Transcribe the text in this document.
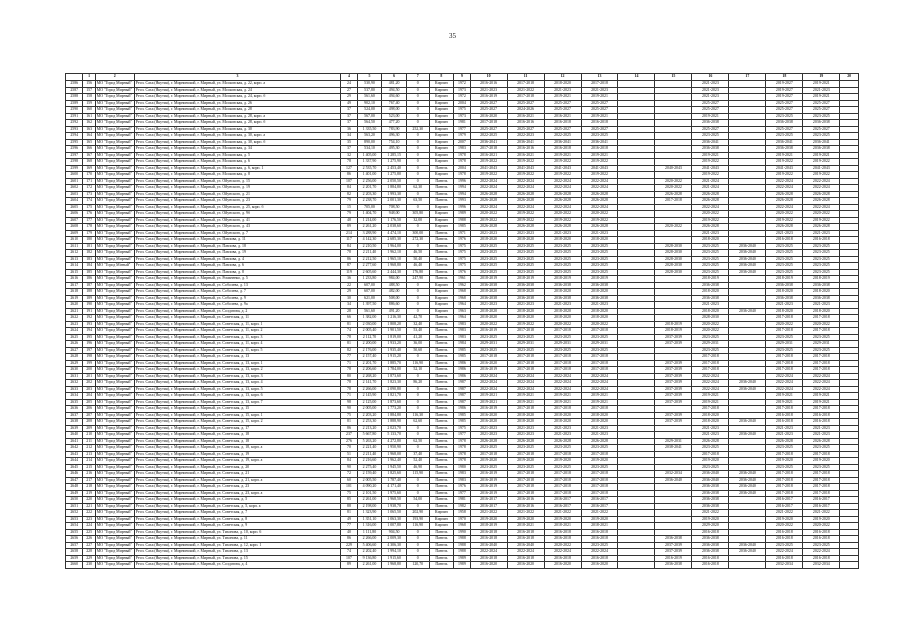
35
	1	2	3	4	5	6	7	8	9	10	11	12	13	14	15	16	17	18	19	20
2586	156	МО "Город Мирный"	Респ. Саха (Якутия), г. Мирнинский, г. Мирный, ул. Московская, д. 22, корп. а	24	530,90	481,20	0	Кирпич	1972	2016-2016	2017-2018	2018-2020	2017-2018			2021-2023		2019-2027	2019-2021	
2587	157	МО "Город Мирный"	Респ. Саха (Якутия), г. Мирнинский, г. Мирный, ул. Московская, д. 24	27	537,80	494,50	0	Кирпич	1973	2021-2023	2021-2022	2021-2023	2021-2023			2021-2023		2019-2027	2021-2023	
2588	158	МО "Город Мирный"	Респ. Саха (Якутия), г. Мирнинский, г. Мирный, ул. Московская, д. 24, корп. б	29	561,60	494,60	0	Кирпич	1972	2016-2019	2017-2018	2019-2021	2019-2021			2021-2023		2019-2027	2019-2021	
2589	159	МО "Город Мирный"	Респ. Саха (Якутия), г. Мирнинский, г. Мирный, ул. Московская, д. 26	49	902,10	767,40	0	Кирпич	2004	2025-2027	2025-2027	2025-2027	2025-2027			2025-2027		2025-2027	2025-2027	
2590	160	МО "Город Мирный"	Респ. Саха (Якутия), г. Мирнинский, г. Мирный, ул. Московская, д. 28	37	524,00	498,00	0	Кирпич	1975	2025-2027	2024-2026	2025-2027	2025-2027			2025-2027		2025-2027	2025-2027	
2591	161	МО "Город Мирный"	Респ. Саха (Якутия), г. Мирнинский, г. Мирный, ул. Московская, д. 28, корп. а	37	567,00	523,00	0	Кирпич	1973	2016-2020	2016-2021	2016-2021	2019-2021			2019-2021		2023-2025	2023-2025	
2592	162	МО "Город Мирный"	Респ. Саха (Якутия), г. Мирнинский, г. Мирный, ул. Московская, д. 28, корп. б	37	564,50	477,20	0	Кирпич	1981	2017-2018	2016-2016	2016-2018	2016-2018			2036-2038		2036-2038	2036-2038	
2593	163	МО "Город Мирный"	Респ. Саха (Якутия), г. Мирнинский, г. Мирный, ул. Московская, д. 30	36	1 335,50	783,90	252,30	Кирпич	1977	2025-2027	2025-2027	2025-2027	2025-2027			2025-2027		2025-2027	2025-2027	
2594	164	МО "Город Мирный"	Респ. Саха (Якутия), г. Мирнинский, г. Мирный, ул. Московская, д. 30, корп. а	34	563,20	496,30	0	Кирпич	1979	2022-2025	2022-2023	2022-2025	2023-2025			2023-2025		2023-2025	2023-2025	
2595	165	МО "Город Мирный"	Респ. Саха (Якутия), г. Мирнинский, г. Мирный, ул. Московская, д. 30, корп. б	35	890,00	754,10	0	Кирпич	2007	2036-2041	2036-2041	2036-2041	2036-2041			2036-2041		2036-2041	2036-2041	
2596	166	МО "Город Мирный"	Респ. Саха (Якутия), г. Мирнинский, г. Мирный, ул. Московская, д. 34	37	534,10	495,30	0	Кирпич	1983	2017-2018	2016-2016	2016-2018	2016-2018			2036-2038		2036-2038	2036-2038	
2597	167	МО "Город Мирный"	Респ. Саха (Якутия), г. Мирнинский, г. Мирный, ул. Московская, д. 5	32	1 405,00	1 285,15	0	Кирпич	1978	2016-2021	2016-2021	2019-2021	2019-2021			2019-2021		2019-2021	2019-2021	
2598	168	МО "Город Мирный"	Респ. Саха (Якутия), г. Мирнинский, г. Мирный, ул. Московская, д. 6	78	1 337,90	1 275,90	0	Кирпич	1978	2019-2022	2019-2022	2019-2022	2019-2022			2019-2022		2019-2022	2019-2022	
2599	169	МО "Город Мирный"	Респ. Саха (Якутия), г. Мирнинский, г. Мирный, ул. Московская, д. 6, корп. 1	127	2 535,70	2 453,40	0	Панель	2004	2041-2043	2041-2043	2041-2043	2041-2043		2040-2043	2041-2043		2041-2043	2041-2043	
2600	170	МО "Город Мирный"	Респ. Саха (Якутия), г. Мирнинский, г. Мирный, ул. Московская, д. 8	86	1 401,00	1 275,80	0	Кирпич	1978	2019-2022	2019-2022	2019-2022	2019-2022			2019-2022		2019-2022	2019-2022	
2601	171	МО "Город Мирный"	Респ. Саха (Якутия), г. Мирнинский, г. Мирный, ул. Ойунского, д. 15	107	2 256,00	2 050,50	0	Панель	1996	2022-2024	2022-2024	2022-2024	2022-2024		2020-2022	2021-2024		2022-2024	2022-2024	
2602	172	МО "Город Мирный"	Респ. Саха (Якутия), г. Мирнинский, г. Мирный, ул. Ойунского, д. 19	84	2 201,70	1 884,80	62,30	Панель	1994	2022-2024	2022-2024	2022-2024	2022-2024		2020-2022	2021-2024		2022-2024	2022-2024	
2603	173	МО "Город Мирный"	Респ. Саха (Якутия), г. Мирнинский, г. Мирный, ул. Ойунского, д. 21	82	2 203,30	1 993,30	0	Панель	1994	2026-2028	2026-2028	2026-2028	2026-2028		2026-2028	2026-2028		2026-2028	2026-2028	
2604	174	МО "Город Мирный"	Респ. Саха (Якутия), г. Мирнинский, г. Мирный, ул. Ойунского, д. 23	79	2 238,70	2 001,30	63,50	Панель	1993	2026-2028	2026-2028	2026-2028	2026-2028		2017-2018	2026-2028		2026-2028	2026-2028	
2605	175	МО "Город Мирный"	Респ. Саха (Якутия), г. Мирнинский, г. Мирный, ул. Ойунского, д. 25, корп. б	15	705,00	708,50	0	Кирпич	1996	2022-2024	2022-2024	2022-2024	2022-2024			2022-2024		2022-2024	2022-2024	
2606	176	МО "Город Мирный"	Респ. Саха (Якутия), г. Мирнинский, г. Мирный, ул. Ойунского, д. 9б	79	1 404,70	948,00	305,80	Кирпич	1989	2020-2022	2019-2022	2020-2022	2020-2022			2020-2022		2020-2022	2020-2022	
2607	177	МО "Город Мирный"	Респ. Саха (Якутия), г. Мирнинский, г. Мирный, ул. Ойунского, д. 41	48	1 214,00	1 176,50	32,00	Кирпич	1988	2019-2022	2019-2022	2019-2022	2019-2022			2019-2022		2019-2022	2019-2022	
2608	178	МО "Город Мирный"	Респ. Саха (Якутия), г. Мирнинский, г. Мирный, ул. Ойунского, д. 43	89	2 261,20	2 038,60	0	Кирпич	1985	2026-2028	2026-2028	2026-2028	2026-2028		2020-2022	2026-2028		2026-2028	2026-2028	
2609	179	МО "Город Мирный"	Респ. Саха (Якутия), г. Мирнинский, г. Мирный, ул. Ойунского, д. 7	214	3 288,90	4 474,10	300,00	Панель	1971	2021-2023	2021-2023	2021-2023	2021-2023			2021-2023		2021-2023	2021-2023	
2610	180	МО "Город Мирный"	Респ. Саха (Якутия), г. Мирнинский, г. Мирный, ул. Павлова, д. 11	117	4 142,30	2 685,30	272,30	Панель	1976	2018-2020	2018-2020	2018-2020	2018-2020			2018-2020		2016-2018	2016-2018	
2611	181	МО "Город Мирный"	Респ. Саха (Якутия), г. Мирнинский, г. Мирный, ул. Павлова, д. 18	84	2 210,50	1 964,00	0	Панель	1975	2023-2025	2023-2025	2023-2025	2023-2025		2028-2030	2023-2025	2036-2040	2023-2025	2023-2025	
2612	182	МО "Город Мирный"	Респ. Саха (Якутия), г. Мирнинский, г. Мирный, ул. Павлова, д. 19	78	2 211,40	1 962,10	46,50	Панель	1975	2023-2025	2023-2025	2023-2025	2023-2025		2028-2030	2023-2025	2036-2040	2023-2025	2023-2025	
2613	183	МО "Город Мирный"	Респ. Саха (Якутия), г. Мирнинский, г. Мирный, ул. Павлова, д. 4	86	2 212,50	1 965,10	50,40	Панель	1975	2023-2025	2023-2025	2023-2025	2023-2025		2028-2030	2023-2025	2036-2040	2023-2025	2023-2025	
2614	184	МО "Город Мirный"	Респ. Саха (Якутия), г. Мирнинский, г. Мирный, ул. Павлова, д. 6	87	2 277,60	1 968,80	46,40	Панель	1975	2023-2025	2023-2025	2023-2025	2023-2025		2028-2030	2023-2025	2036-2040	2023-2025	2023-2025	
2615	185	МО "Город Мирный"	Респ. Саха (Якутия), г. Мирнинский, г. Мирный, ул. Павлова, д. 8	119	2 605,60	2 444,30	176,80	Панель	1976	2023-2025	2023-2025	2023-2025	2023-2025		2028-2030	2023-2025	2036-2040	2023-2025	2023-2025	
2616	186	МО "Город Мирный"	Респ. Саха (Якутия), г. Мирнинский, г. Мирный, ул. Романенко, д. 5	36	1 233,80	984,00	247,90	Панель	1961	2018-2019	2018-2019	2018-2019	2018-2019			2018-2019		2018-2019	2018-2019	
2617	187	МО "Город Мирный"	Респ. Саха (Якутия), г. Мирнинский, г. Мирный, ул. Соболева, д. 13	22	607,00	488,50	0	Кирпич	1962	2036-2038	2036-2038	2036-2038	2036-2038			2036-2038		2036-2038	2036-2038	
2618	188	МО "Город Мирный"	Респ. Саха (Якутия), г. Мирнинский, г. Мирный, ул. Соболева, д. 7	29	607,00	482,00	0	Кирпич	1968	2018-2020	2018-2020	2018-2020	2018-2020			2018-2020		2018-2020	2018-2020	
2619	189	МО "Город Мирный"	Респ. Саха (Якутия), г. Мирнинский, г. Мирный, ул. Соболева, д. 9	30	621,00	508,00	0	Кирпич	1968	2036-2038	2036-2038	2036-2038	2036-2038			2036-2038		2036-2038	2036-2038	
2620	190	МО "Город Мирный"	Респ. Саха (Якутия), г. Мирнинский, г. Мирный, ул. Соболева, д. 9а	34	1 397,50	886,60	0	Кирпич	1964	2021-2023	2021-2023	2021-2023	2021-2023			2021-2023		2021-2023	2021-2023	
2621	191	МО "Город Мирный"	Респ. Саха (Якутия), г. Мирнинский, г. Мирный, ул. Солдатова, д. 2	28	561,60	491,20	0	Кирпич	1963	2018-2020	2018-2020	2018-2020	2018-2020			2018-2020	2036-2040	2018-2020	2018-2020	
2622	192	МО "Город Мирный"	Респ. Саха (Якутия), г. Мирнинский, г. Мирный, ул. Советская, д. 11	66	1 382,00	1 216,30	42,70	Панель	1964	2018-2020	2018-2020	2018-2020	2018-2020			2028-2030		2017-2018	2017-2018	
2623	193	МО "Город Мирный"	Респ. Саха (Якутия), г. Мирнинский, г. Мирный, ул. Советская, д. 11, корп. 1	81	2 030,00	1 808,20	32,40	Панель	1983	2020-2022	2019-2022	2020-2022	2020-2022		2018-2019	2020-2022		2020-2022	2020-2022	
2624	194	МО "Город Мирный"	Респ. Саха (Якутия), г. Мирнинский, г. Мирный, ул. Советская, д. 11, корп. 2	74	2 005,40	1 901,50	53,40	Панель	1983	2016-2019	2017-2018	2017-2018	2017-2018		2018-2019	2020-2022		2017-2018	2017-2018	
2625	195	МО "Город Мирный"	Респ. Саха (Якутия), г. Мирнинский, г. Мирный, ул. Советская, д. 11, корп. 3	78	2 112,70	1 819,00	41,20	Панель	1983	2023-2025	2023-2025	2023-2025	2023-2025		2037-2039	2023-2025		2023-2025	2023-2025	
2626	196	МО "Город Мирный"	Респ. Саха (Якутия), г. Мирнинский, г. Мирный, ул. Советская, д. 11, корп. 4	81	2 200,00	1 933,20	36,00	Панель	1984	2029-2031	2029-2031	2029-2031	2029-2031		2037-2039	2029-2031		2029-2031	2029-2031	
2627	197	МО "Город Мирный"	Респ. Саха (Якутия), г. Мирнинский, г. Мирный, ул. Советская, д. 11, корп. 5	82	2 176,00	1 935,40	50,60	Панель	1985	2023-2025	2023-2025	2023-2025	2023-2025			2023-2025		2023-2025	2023-2025	
2628	198	МО "Город Мирный"	Респ. Саха (Якутия), г. Мирнинский, г. Мирный, ул. Советская, д. 13	77	2 157,40	1 915,20	0	Панель	1985	2017-2018	2017-2018	2017-2018	2017-2018			2017-2018		2017-2018	2017-2018	
2629	199	МО "Город Мирный"	Респ. Саха (Якутия), г. Мирнинский, г. Мирный, ул. Советская, д. 13, корп. 1	71	2 201,70	1 885,70	116,90	Панель	1986	2016-2020	2017-2018	2017-2018	2017-2018		2037-2039	2017-2018		2017-2018	2017-2018	
2630	200	МО "Город Мирный"	Респ. Саха (Якутия), г. Мирнинский, г. Мирный, ул. Советская, д. 13, корп. 2	78	2 206,60	1 784,00	52,10	Панель	1986	2016-2019	2017-2018	2017-2018	2017-2018		2037-2039	2017-2018		2017-2018	2017-2018	
2631	201	МО "Город Мирный"	Респ. Саха (Якутия), г. Мирнинский, г. Мирный, ул. Советская, д. 13, корп. 3	80	2 268,20	1 873,60	0	Панель	1986	2022-2024	2022-2024	2022-2024	2022-2024		2037-2039	2022-2024		2022-2024	2022-2024	
2632	202	МО "Город Мирный"	Респ. Саха (Якутия), г. Мирнинский, г. Мирный, ул. Советская, д. 13, корп. 4	78	2 141,70	1 823,30	86,20	Панель	1987	2022-2024	2022-2024	2022-2024	2022-2024		2037-2039	2022-2024	2036-2040	2022-2024	2022-2024	
2633	203	МО "Город Мирный"	Респ. Саха (Якутия), г. Мирнинский, г. Мирный, ул. Советская, д. 13, корп. 5	78	2 266,00	2 090,80	0	Панель	1987	2022-2024	2022-2024	2022-2024	2022-2024		2037-2039	2022-2024	2036-2040	2022-2024	2022-2024	
2634	204	МО "Город Мирный"	Респ. Саха (Якутия), г. Мирнинский, г. Мирный, ул. Советская, д. 13, корп. 6	71	2 145,90	1 821,70	0	Панель	1987	2019-2021	2019-2021	2019-2021	2019-2021		2037-2039	2019-2021		2019-2021	2019-2021	
2635	205	МО "Город Мирный"	Респ. Саха (Якутия), г. Мирнинский, г. Мирный, ул. Советская, д. 13, корп. 7	98	2 125,00	1 873,60	0	Панель	1987	2019-2021	2019-2021	2019-2021	2019-2021		2037-2039	2019-2021		2019-2021	2019-2021	
2636	206	МО "Город Мирный"	Респ. Саха (Якутия), г. Мирнинский, г. Мирный, ул. Советская, д. 15	90	2 005,00	1 773,20	0	Панель	1986	2016-2019	2017-2018	2017-2018	2017-2018			2017-2018		2017-2018	2017-2018	
2637	207	МО "Город Мирный"	Респ. Саха (Якутия), г. Мирнинский, г. Мирный, ул. Советская, д. 15, корп. 1	75	2 203,20	1 884,80	116,30	Панель	1985	2016-2020	2018-2020	2018-2020	2018-2020		2037-2039	2018-2020		2016-2018	2016-2018	
2638	208	МО "Город Мирный"	Респ. Саха (Якутия), г. Мирнинский, г. Мирный, ул. Советская, д. 15, корп. 2	81	2 253,30	1 888,90	62,60	Панель	1985	2016-2020	2018-2020	2018-2020	2018-2020		2037-2039	2018-2020	2036-2040	2016-2018	2016-2018	
2639	209	МО "Город Мирный"	Респ. Саха (Якутия), г. Мирнинский, г. Мирный, ул. Советская, д. 17	86	2 213,20	2 023,70	0	Панель	1975	2021-2023	2021-2023	2021-2023	2021-2023			2021-2023		2021-2023	2021-2023	
2640	210	МО "Город Мирный"	Респ. Саха (Якутия), г. Мирнинский, г. Мирный, ул. Советская, д. 18	237	5 667,80	5 133,70	0	Панель	1977	2021-2023	2021-2023	2021-2023	2021-2023			2021-2023	2036-2040	2021-2023	2021-2023	
2641	211	МО "Город Мирный"	Респ. Саха (Якутия), г. Мирнинский, г. Мирный, ул. Советская, д. 18	276	5 263,20	4 272,80	62,50	Панель	1978	2026-2028	2026-2028	2026-2028	2026-2028		2029-2031	2026-2028		2026-2028	2026-2028	
2642	212	МО "Город Мирный"	Респ. Саха (Якутия), г. Мирнинский, г. Мирный, ул. Советская, д. 18, корп. а	70	2 221,40	1 950,90	0	Панель	1978	2023-2025	2023-2025	2023-2025	2023-2025		2038-2041	2023-2025		2023-2025	2023-2025	
2643	213	МО "Город Мирный"	Респ. Саха (Якутия), г. Мирнинский, г. Мирный, ул. Советская, д. 19	51	2 211,40	1 968,00	37,40	Панель	1978	2017-2018	2017-2018	2017-2018	2017-2018			2017-2018		2017-2018	2017-2018	
2644	214	МО "Город Мирный"	Респ. Саха (Якутия), г. Мирнинский, г. Мирный, ул. Советская, д. 19, корп. а	84	2 216,60	1 962,40	52,40	Панель	1978	2019-2020	2019-2020	2019-2020	2019-2020			2019-2020		2019-2020	2019-2020	
2645	215	МО "Город Мирный"	Респ. Саха (Якутия), г. Мирнинский, г. Мирный, ул. Советская, д. 20	90	2 275,40	1 945,50	46,90	Панель	1980	2023-2025	2023-2025	2023-2025	2023-2025			2023-2025		2023-2025	2023-2025	
2646	216	МО "Город Мирный"	Респ. Саха (Якутия), г. Мирнинский, г. Мирный, ул. Советская, д. 21	72	2 159,40	1 825,60	115,90	Панель	1983	2016-2019	2017-2018	2017-2018	2017-2018		2032-2034	2036-2040	2036-2040	2017-2018	2017-2018	
2647	217	МО "Город Мирный"	Респ. Саха (Якутия), г. Мирнинский, г. Мирный, ул. Советская, д. 21, корп. а	60	2 005,50	1 787,40	0	Панель	1983	2016-2019	2017-2018	2017-2018	2017-2018		2036-2040	2036-2040	2036-2040	2017-2018	2017-2018	
2648	218	МО "Город Мирный"	Респ. Саха (Якутия), г. Мирнинский, г. Мирный, ул. Советская, д. 23	101	4 090,20	4 171,40	0	Панель	1976	2016-2019	2017-2018	2017-2018	2017-2018			2036-2038	2036-2040	2017-2018	2017-2018	
2649	219	МО "Город Мирный"	Респ. Саха (Якутия), г. Мирнинский, г. Мирный, ул. Советская, д. 23, корп. а	75	2 101,50	1 975,60	0	Панель	1977	2016-2019	2017-2018	2017-2018	2017-2018			2036-2038	2036-2040	2017-2018	2017-2018	
2650	220	МО "Город Мирный"	Респ. Саха (Якутия), г. Мирнинский, г. Мирный, ул. Советская, д. 5	85	2 261,00	1 968,50	54,00	Панель	1981	2016-2017	2016-2016	2016-2017	2016-2017			2036-2038		2016-2017	2016-2017	
2651	221	МО "Город Мирный"	Респ. Саха (Якутия), г. Мирнинский, г. Мирный, ул. Советская, д. 5, корп. а	88	2 198,00	1 938,70	0	Панель	1982	2016-2017	2016-2016	2016-2017	2016-2017			2036-2038		2016-2017	2016-2017	
2652	222	МО "Город Мирный"	Респ. Саха (Якутия), г. Мирнинский, г. Мирный, ул. Советская, д. 7	81	1 323,90	1 065,50	202,90	Кирпич	1958	2021-2022	2021-2022	2021-2022	2021-2022			2021-2022		2021-2022	2021-2022	
2653	223	МО "Город Мирный"	Респ. Саха (Якутия), г. Мирнинский, г. Мирный, ул. Советская, д. 8	49	1 351,10	1 063,30	193,90	Кирпич	1970	2019-2020	2019-2020	2019-2020	2019-2020			2019-2020		2019-2020	2019-2020	
2654	224	МО "Город Мирный"	Респ. Саха (Якутия), г. Мирнинский, г. Мирный, ул. Советская, д. 9	77	1 316,00	1 007,80	116,90	Кирпич	1968	2018-2019	2018-2021	2018-2021	2018-2021			2029-2020		2020-2022	2020-2022	
2655	225	МО "Город Мирный"	Респ. Саха (Якутия), г. Мирнинский, г. Мирный, ул. Тихонова, д. 10, корп. 6	40	1 111,80	904,50	0	Панель	1990	2016-2018	2016-2018	2016-2018	2016-2018			2016-2018		2016-2018	2016-2018	
2656	226	МО "Город Мирный"	Респ. Саха (Якутия), г. Мирнинский, г. Мирный, ул. Тихонова, д. 11	86	2 266,00	2 009,30	0	Панель	1988	2016-2018	2016-2018	2016-2018	2016-2018		2036-2038	2036-2038		2016-2018	2016-2018	
2657	227	МО "Город Мирный"	Респ. Саха (Якутия), г. Мирнинский, г. Мирный, ул. Тихонова, д. 12, корп. 1	229	5 406,60	4 306,30	0	Панель	1988	2016-2040	2016-2040	2020-2022	2023-2025		2037-2039	2036-2038	2036-2040	2023-2025	2023-2025	
2658	228	МО "Город Мирный"	Респ. Саха (Якутия), г. Мирнинский, г. Мирный, ул. Тихонова, д. 13	74	2 202,40	1 994,10	0	Панель	1988	2022-2024	2022-2024	2022-2024	2022-2024		2037-2039	2036-2038	2036-2040	2022-2024	2022-2024	
2659	229	МО "Город Мирный"	Респ. Саха (Якутия), г. Мирнинский, г. Мирный, ул. Тихонова, д. 15	107	9 136,80	1 915,60	0	Панель	1989	2016-2018	2016-2018	2016-2018	2016-2018		2016-2019	2016-2018		2016-2018	2016-2018	
2660	230	МО "Город Мирный"	Респ. Саха (Якутия), г. Мирнинский, г. Мирный, ул. Солдатова, д. 4	89	2 261,00	1 968,80	120,70	Панель	1989	2016-2020	2016-2020	2016-2020	2016-2020		2036-2038	2016-2018		2032-2034	2032-2034	
